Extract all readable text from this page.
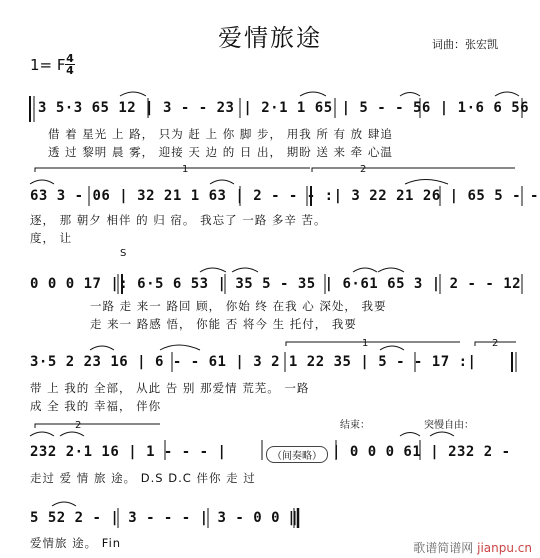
1	2
1	2
2
爱情旅途	词曲：张宏凯
1= F 4
4
3 5·3 65 12 | 3 - - 23 | 2·1 1 65 | 5 - - 56 | 1·6 6 56
借 着 星光 上 路， 只为 赶 上 你 脚 步， 用我 所 有 放 肆追
透 过 黎明 晨 雾， 迎接 天 边 的 日 出， 期盼 送 来 牵 心温
63 3 - 06 | 32 21 1 63 | 2 - - - :| 3 22 21 26 | 65 5 - -
逐， 那 朝夕 相伴 的 归 宿。 我忘了 一路 多辛 苦。
度， 让
S
0 0 0 17 |: 6·5 6 53 | 35 5 - 35 | 6·61 65 3 | 2 - - 12
一路 走 来一 路回 顾， 你始 终 在我 心 深处， 我要
走 来一 路感 悟， 你能 否 将今 生 托付， 我要
3·5 2 23 16 | 6 - - 61 | 3 2 1 22 35 | 5 - - 17 :|
带 上 我的 全部， 从此 告 别 那爱情 荒芜。 一路
成 全 我的 幸福， 伴你
结束：	突慢自由：
232 2·1 16 | 1 - - - |	（间奏略） | 0 0 0 61 | 232 2 -
走过 爱 情 旅 途。 D.S D.C 伴你 走 过
5 52 2 - | 3 - - - | 3 - 0 0 ‖
爱情旅 途。 Fin	歌谱简谱网 jianpu.cn
